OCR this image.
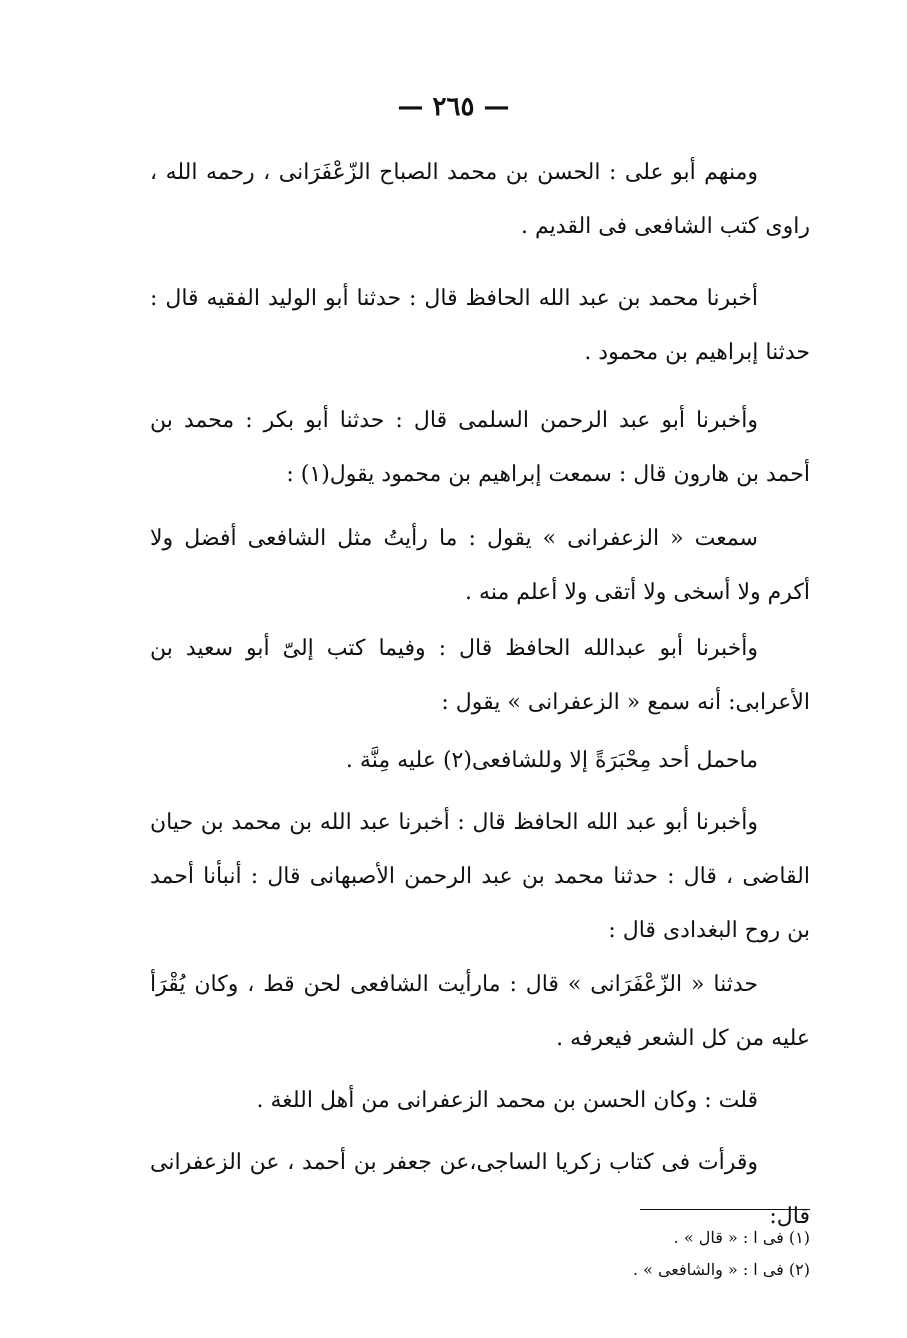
— ٢٦٥ —

ومنهم أبو على : الحسن بن محمد الصباح الزّعْفَرَانى ، رحمه الله ، راوى كتب الشافعى فى القديم .

أخبرنا محمد بن عبد الله الحافظ قال : حدثنا أبو الوليد الفقيه قال : حدثنا إبراهيم بن محمود .

وأخبرنا أبو عبد الرحمن السلمى قال : حدثنا أبو بكر : محمد بن أحمد بن هارون قال : سمعت إبراهيم بن محمود يقول(١) :

سمعت « الزعفرانى » يقول : ما رأيتُ مثل الشافعى أفضل ولا أكرم ولا أسخى ولا أتقى ولا أعلم منه .

وأخبرنا أبو عبدالله الحافظ قال : وفيما كتب إلىّ أبو سعيد بن الأعرابى: أنه سمع « الزعفرانى » يقول :

ماحمل أحد مِحْبَرَةً إلا وللشافعى(٢) عليه مِنَّة .

وأخبرنا أبو عبد الله الحافظ قال : أخبرنا عبد الله بن محمد بن حيان القاضى ، قال : حدثنا محمد بن عبد الرحمن الأصبهانى قال : أنبأنا أحمد بن روح البغدادى قال :

حدثنا « الزّعْفَرَانى » قال : مارأيت الشافعى لحن قط ، وكان يُقْرَأ عليه من كل الشعر فيعرفه .

قلت : وكان الحسن بن محمد الزعفرانى من أهل اللغة .

وقرأت فى كتاب زكريا الساجى،عن جعفر بن أحمد ، عن الزعفرانى قال:

(١) فى ا : « قال » .
(٢) فى ا : « والشافعى » .
